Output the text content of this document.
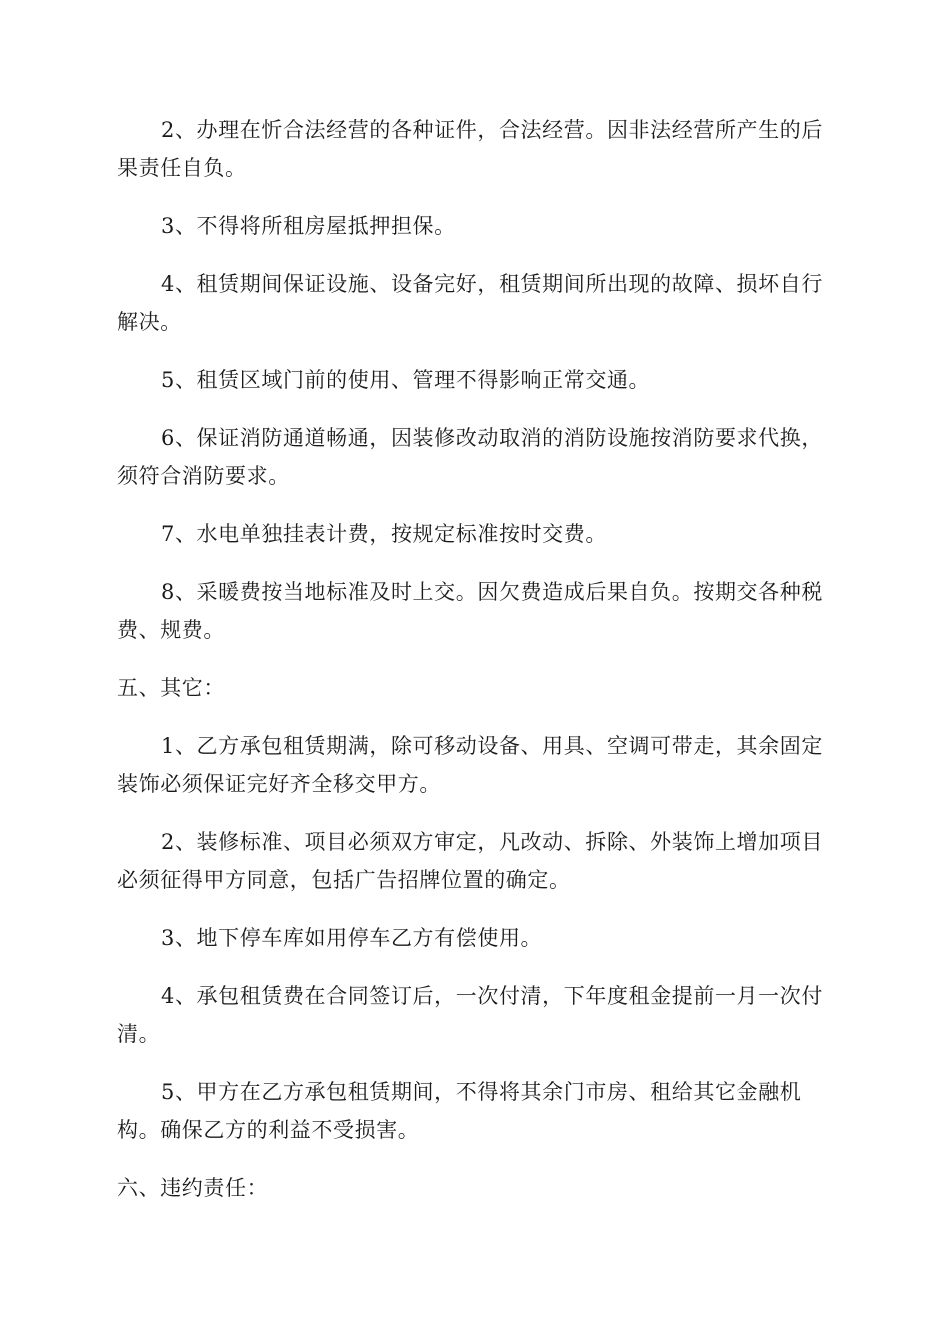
2、办理在忻合法经营的各种证件，合法经营。因非法经营所产生的后果责任自负。

3、不得将所租房屋抵押担保。

4、租赁期间保证设施、设备完好，租赁期间所出现的故障、损坏自行解决。

5、租赁区域门前的使用、管理不得影响正常交通。

6、保证消防通道畅通，因装修改动取消的消防设施按消防要求代换，须符合消防要求。

7、水电单独挂表计费，按规定标准按时交费。

8、采暖费按当地标准及时上交。因欠费造成后果自负。按期交各种税费、规费。

五、其它：

1、乙方承包租赁期满，除可移动设备、用具、空调可带走，其余固定装饰必须保证完好齐全移交甲方。

2、装修标准、项目必须双方审定，凡改动、拆除、外装饰上增加项目必须征得甲方同意，包括广告招牌位置的确定。

3、地下停车库如用停车乙方有偿使用。

4、承包租赁费在合同签订后，一次付清，下年度租金提前一月一次付清。

5、甲方在乙方承包租赁期间，不得将其余门市房、租给其它金融机构。确保乙方的利益不受损害。

六、违约责任：
